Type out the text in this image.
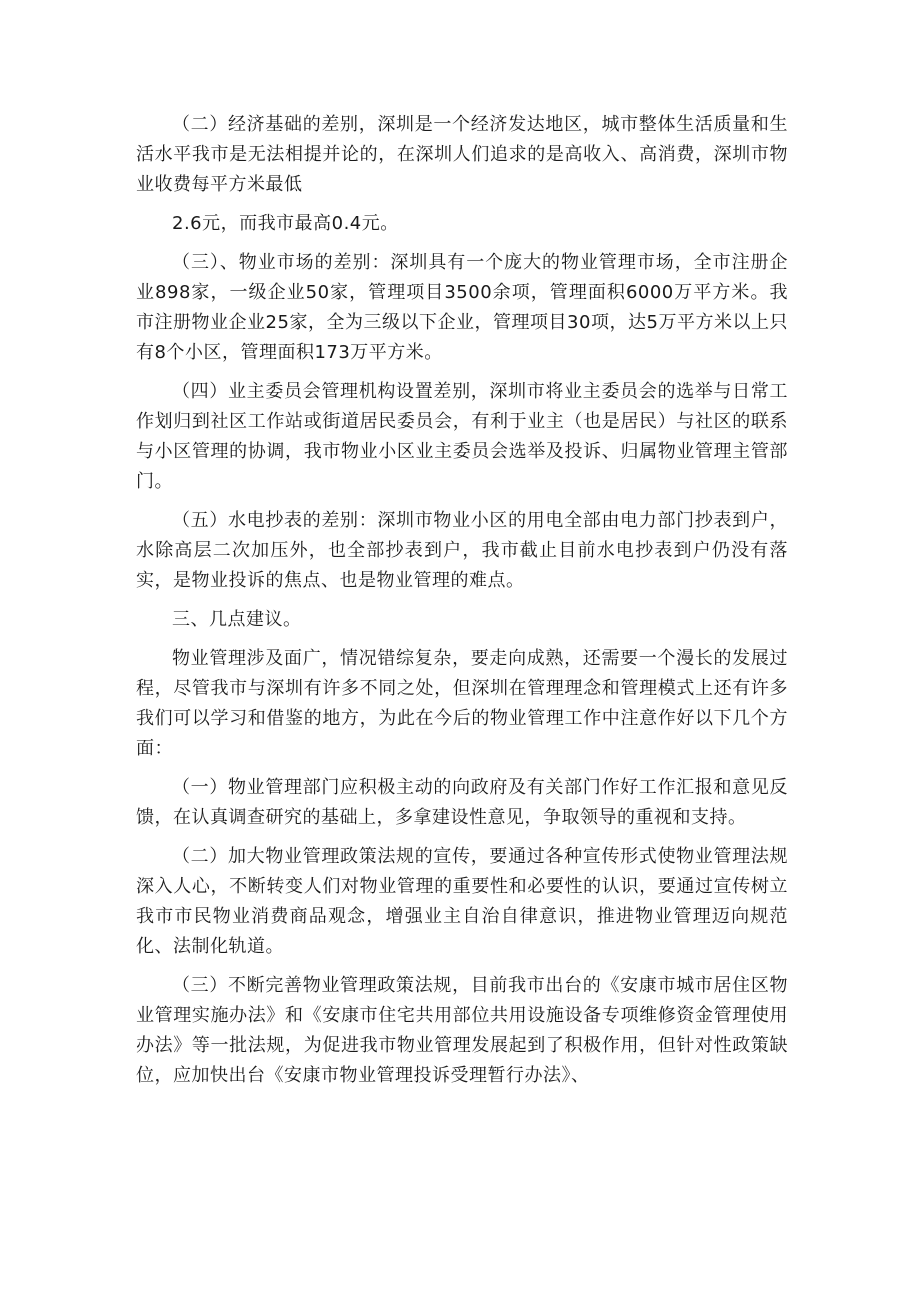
（二）经济基础的差别，深圳是一个经济发达地区，城市整体生活质量和生活水平我市是无法相提并论的，在深圳人们追求的是高收入、高消费，深圳市物业收费每平方米最低

2.6元，而我市最高0.4元。

（三）、物业市场的差别：深圳具有一个庞大的物业管理市场，全市注册企业898家，一级企业50家，管理项目3500余项，管理面积6000万平方米。我市注册物业企业25家，全为三级以下企业，管理项目30项，达5万平方米以上只有8个小区，管理面积173万平方米。

（四）业主委员会管理机构设置差别，深圳市将业主委员会的选举与日常工作划归到社区工作站或街道居民委员会，有利于业主（也是居民）与社区的联系与小区管理的协调，我市物业小区业主委员会选举及投诉、归属物业管理主管部门。

（五）水电抄表的差别：深圳市物业小区的用电全部由电力部门抄表到户，水除高层二次加压外，也全部抄表到户，我市截止目前水电抄表到户仍没有落实，是物业投诉的焦点、也是物业管理的难点。

三、几点建议。

物业管理涉及面广，情况错综复杂，要走向成熟，还需要一个漫长的发展过程，尽管我市与深圳有许多不同之处，但深圳在管理理念和管理模式上还有许多我们可以学习和借鉴的地方，为此在今后的物业管理工作中注意作好以下几个方面：

（一）物业管理部门应积极主动的向政府及有关部门作好工作汇报和意见反馈，在认真调查研究的基础上，多拿建设性意见，争取领导的重视和支持。

（二）加大物业管理政策法规的宣传，要通过各种宣传形式使物业管理法规深入人心，不断转变人们对物业管理的重要性和必要性的认识，要通过宣传树立我市市民物业消费商品观念，增强业主自治自律意识，推进物业管理迈向规范化、法制化轨道。

（三）不断完善物业管理政策法规，目前我市出台的《安康市城市居住区物业管理实施办法》和《安康市住宅共用部位共用设施设备专项维修资金管理使用办法》等一批法规，为促进我市物业管理发展起到了积极作用，但针对性政策缺位，应加快出台《安康市物业管理投诉受理暂行办法》、
